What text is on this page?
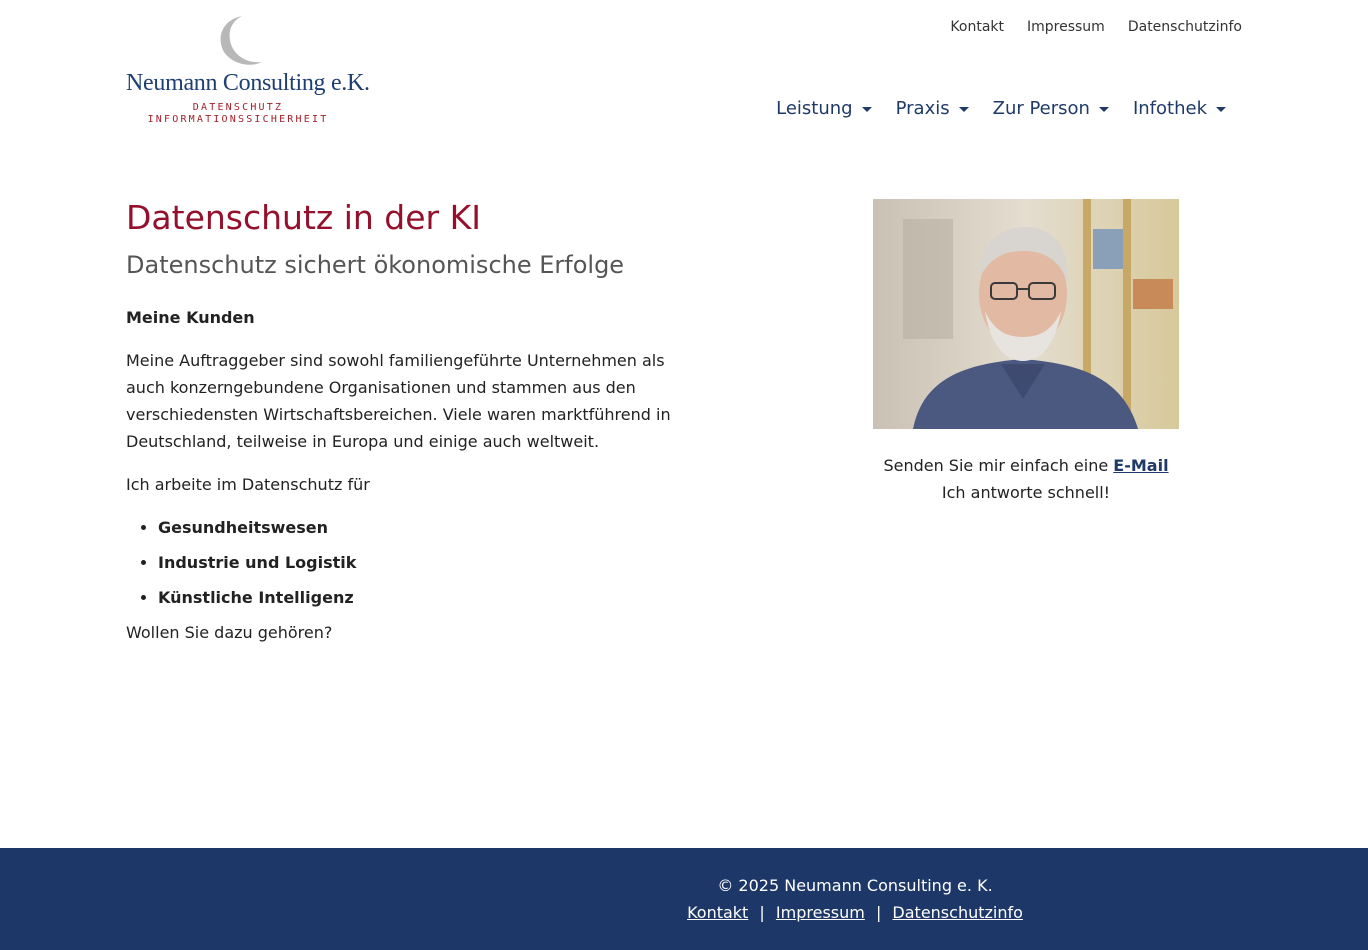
Kontakt Impressum Datenschutzinfo
Neumann Consulting e.K.
DATENSCHUTZ
INFORMATIONSSICHERHEIT
Leistung Praxis Zur Person Infothek
Datenschutz in der KI
Datenschutz sichert ökonomische Erfolge

Meine Kunden

Meine Auftraggeber sind sowohl familiengeführte Unternehmen als auch konzerngebundene Organisationen und stammen aus den verschiedensten Wirtschaftsbereichen. Viele waren marktführend in Deutschland, teilweise in Europa und einige auch weltweit.

Ich arbeite im Datenschutz für

• Gesundheitswesen
• Industrie und Logistik
• Künstliche Intelligenz

Wollen Sie dazu gehören?

Senden Sie mir einfach eine E-Mail
Ich antworte schnell!
© 2025 Neumann Consulting e. K.
Kontakt | Impressum | Datenschutzinfo
